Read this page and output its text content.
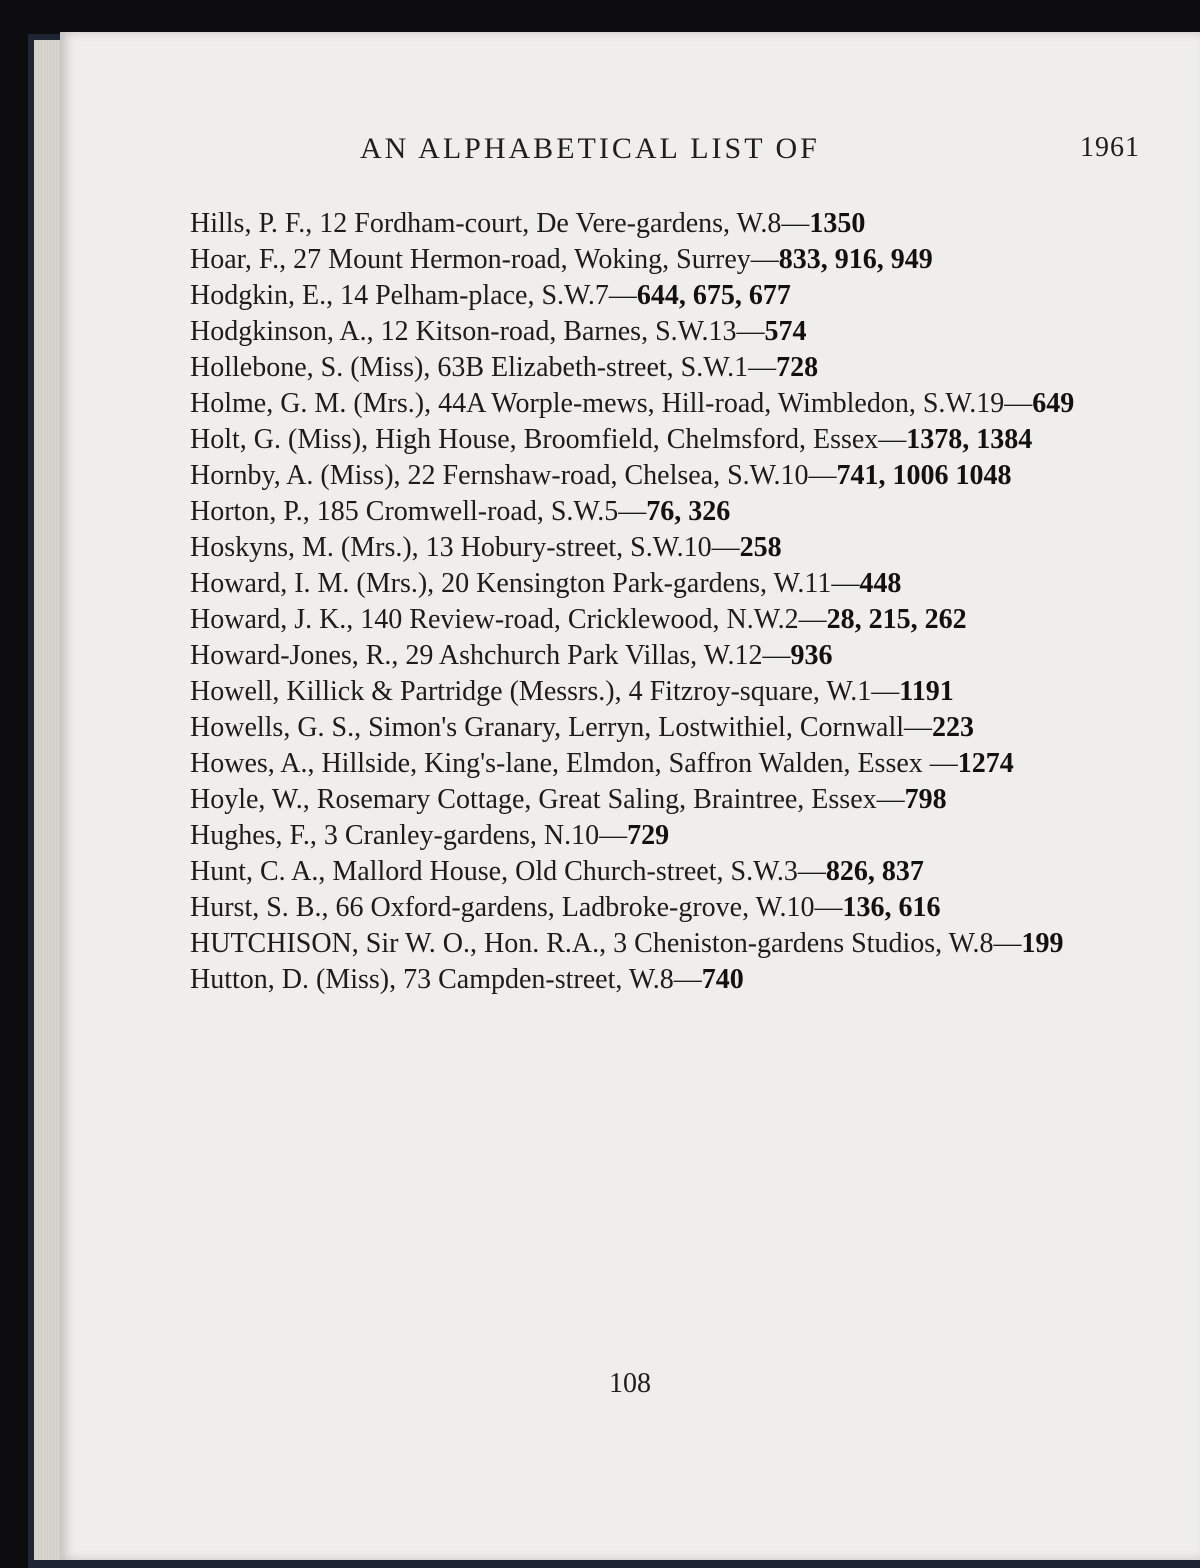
AN ALPHABETICAL LIST OF	1961

Hills, P. F., 12 Fordham-court, De Vere-gardens, W.8—1350

Hoar, F., 27 Mount Hermon-road, Woking, Surrey—833, 916, 949

Hodgkin, E., 14 Pelham-place, S.W.7—644, 675, 677

Hodgkinson, A., 12 Kitson-road, Barnes, S.W.13—574

Hollebone, S. (Miss), 63B Elizabeth-street, S.W.1—728

Holme, G. M. (Mrs.), 44A Worple-mews, Hill-road, Wimbledon, S.W.19—649

Holt, G. (Miss), High House, Broomfield, Chelmsford, Essex—1378, 1384

Hornby, A. (Miss), 22 Fernshaw-road, Chelsea, S.W.10—741, 1006 1048

Horton, P., 185 Cromwell-road, S.W.5—76, 326

Hoskyns, M. (Mrs.), 13 Hobury-street, S.W.10—258

Howard, I. M. (Mrs.), 20 Kensington Park-gardens, W.11—448

Howard, J. K., 140 Review-road, Cricklewood, N.W.2—28, 215, 262

Howard-Jones, R., 29 Ashchurch Park Villas, W.12—936

Howell, Killick & Partridge (Messrs.), 4 Fitzroy-square, W.1—1191

Howells, G. S., Simon's Granary, Lerryn, Lostwithiel, Cornwall—223

Howes, A., Hillside, King's-lane, Elmdon, Saffron Walden, Essex —1274

Hoyle, W., Rosemary Cottage, Great Saling, Braintree, Essex—798

Hughes, F., 3 Cranley-gardens, N.10—729

Hunt, C. A., Mallord House, Old Church-street, S.W.3—826, 837

Hurst, S. B., 66 Oxford-gardens, Ladbroke-grove, W.10—136, 616

HUTCHISON, Sir W. O., Hon. R.A., 3 Cheniston-gardens Studios, W.8—199

Hutton, D. (Miss), 73 Campden-street, W.8—740

108
